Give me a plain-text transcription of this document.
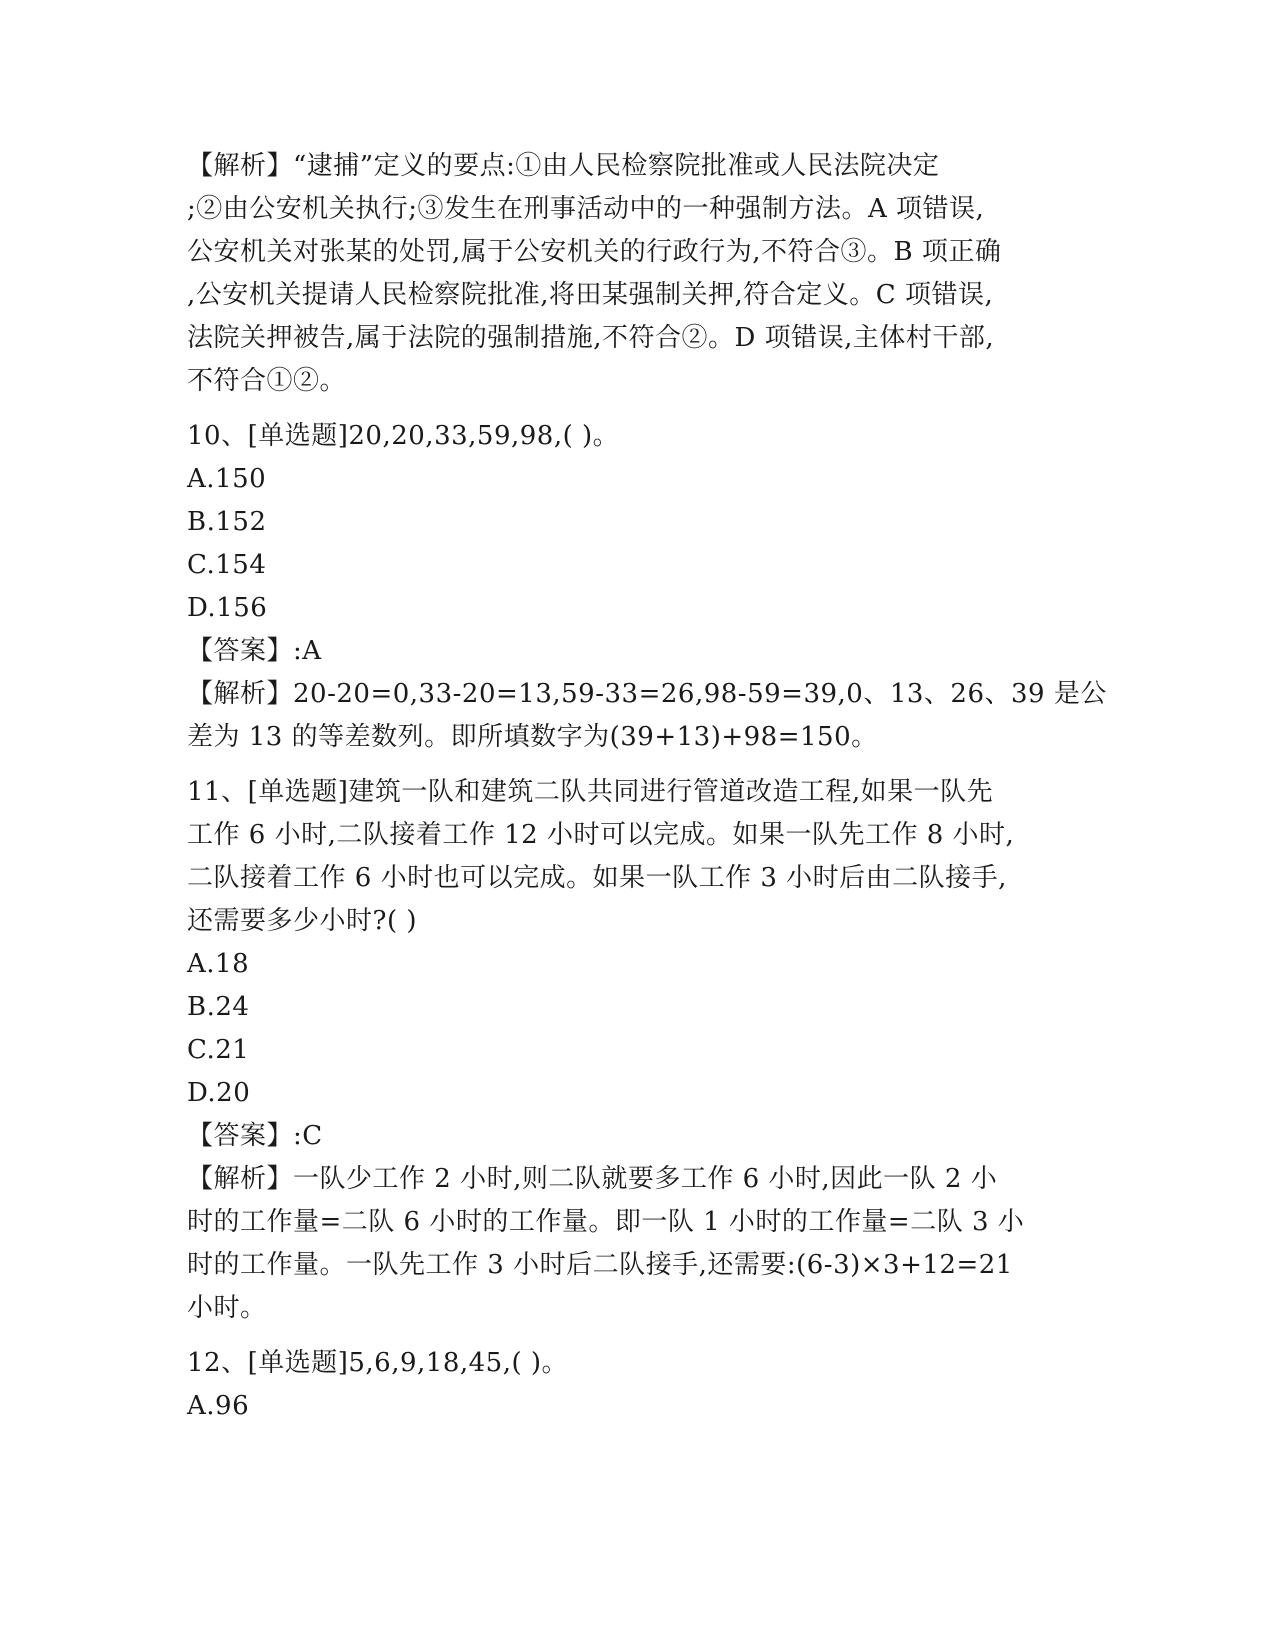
【解析】“逮捕”定义的要点:①由人民检察院批准或人民法院决定
;②由公安机关执行;③发生在刑事活动中的一种强制方法。A 项错误,
公安机关对张某的处罚,属于公安机关的行政行为,不符合③。B 项正确
,公安机关提请人民检察院批准,将田某强制关押,符合定义。C 项错误,
法院关押被告,属于法院的强制措施,不符合②。D 项错误,主体村干部,
不符合①②。
10、[单选题]20,20,33,59,98,( )。
A.150
B.152
C.154
D.156
【答案】:A
【解析】20-20=0,33-20=13,59-33=26,98-59=39,0、13、26、39 是公
差为 13 的等差数列。即所填数字为(39+13)+98=150。
11、[单选题]建筑一队和建筑二队共同进行管道改造工程,如果一队先
工作 6 小时,二队接着工作 12 小时可以完成。如果一队先工作 8 小时,
二队接着工作 6 小时也可以完成。如果一队工作 3 小时后由二队接手,
还需要多少小时?( )
A.18
B.24
C.21
D.20
【答案】:C
【解析】一队少工作 2 小时,则二队就要多工作 6 小时,因此一队 2 小
时的工作量=二队 6 小时的工作量。即一队 1 小时的工作量=二队 3 小
时的工作量。一队先工作 3 小时后二队接手,还需要:(6-3)×3+12=21
小时。
12、[单选题]5,6,9,18,45,( )。
A.96
